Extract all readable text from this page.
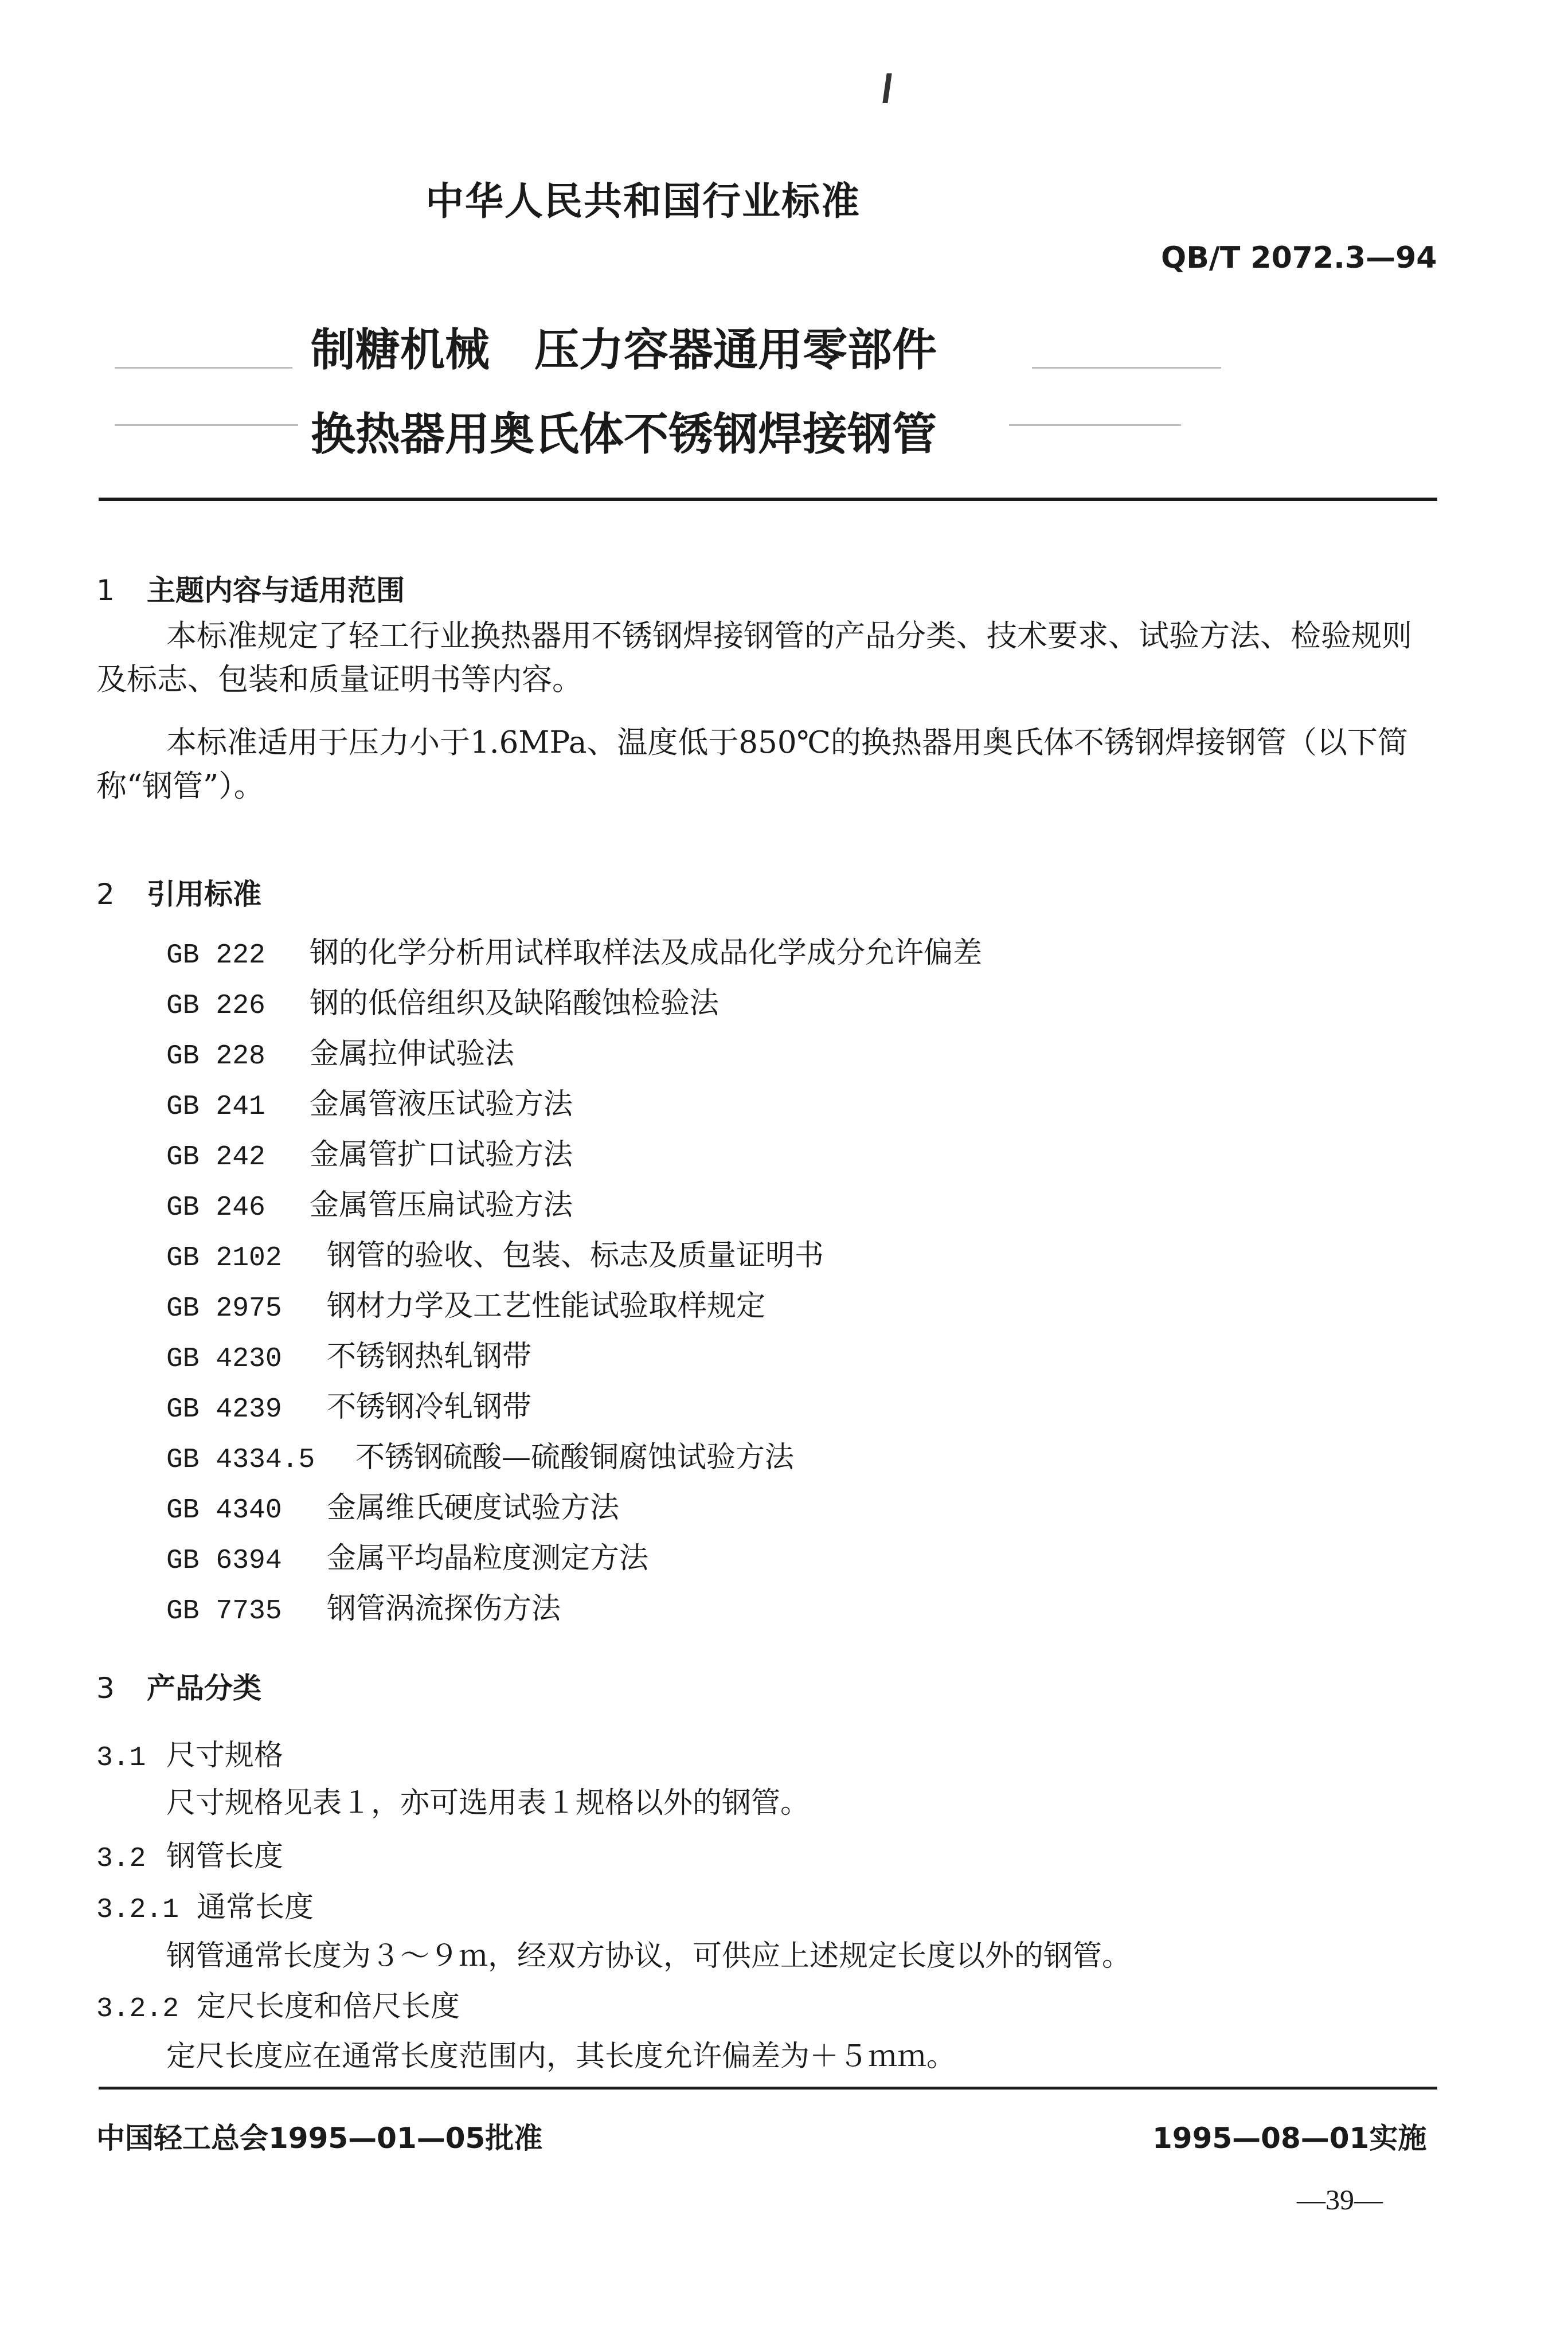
中华人民共和国行业标准
QB/T 2072.3—94
制糖机械　压力容器通用零部件
换热器用奥氏体不锈钢焊接钢管
1 主题内容与适用范围
本标准规定了轻工行业换热器用不锈钢焊接钢管的产品分类、技术要求、试验方法、检验规则及标志、包装和质量证明书等内容。
本标准适用于压力小于1.6MPa、温度低于850℃的换热器用奥氏体不锈钢焊接钢管（以下简称“钢管”）。
2 引用标准
GB 222 钢的化学分析用试样取样法及成品化学成分允许偏差
GB 226 钢的低倍组织及缺陷酸蚀检验法
GB 228 金属拉伸试验法
GB 241 金属管液压试验方法
GB 242 金属管扩口试验方法
GB 246 金属管压扁试验方法
GB 2102 钢管的验收、包装、标志及质量证明书
GB 2975 钢材力学及工艺性能试验取样规定
GB 4230 不锈钢热轧钢带
GB 4239 不锈钢冷轧钢带
GB 4334.5 不锈钢硫酸—硫酸铜腐蚀试验方法
GB 4340 金属维氏硬度试验方法
GB 6394 金属平均晶粒度测定方法
GB 7735 钢管涡流探伤方法
3 产品分类
3.1 尺寸规格
尺寸规格见表１，亦可选用表１规格以外的钢管。
3.2 钢管长度
3.2.1 通常长度
钢管通常长度为３～９ｍ，经双方协议，可供应上述规定长度以外的钢管。
3.2.2 定尺长度和倍尺长度
定尺长度应在通常长度范围内，其长度允许偏差为＋５ｍｍ。
中国轻工总会1995—01—05批准	1995—08—01实施
—39—
